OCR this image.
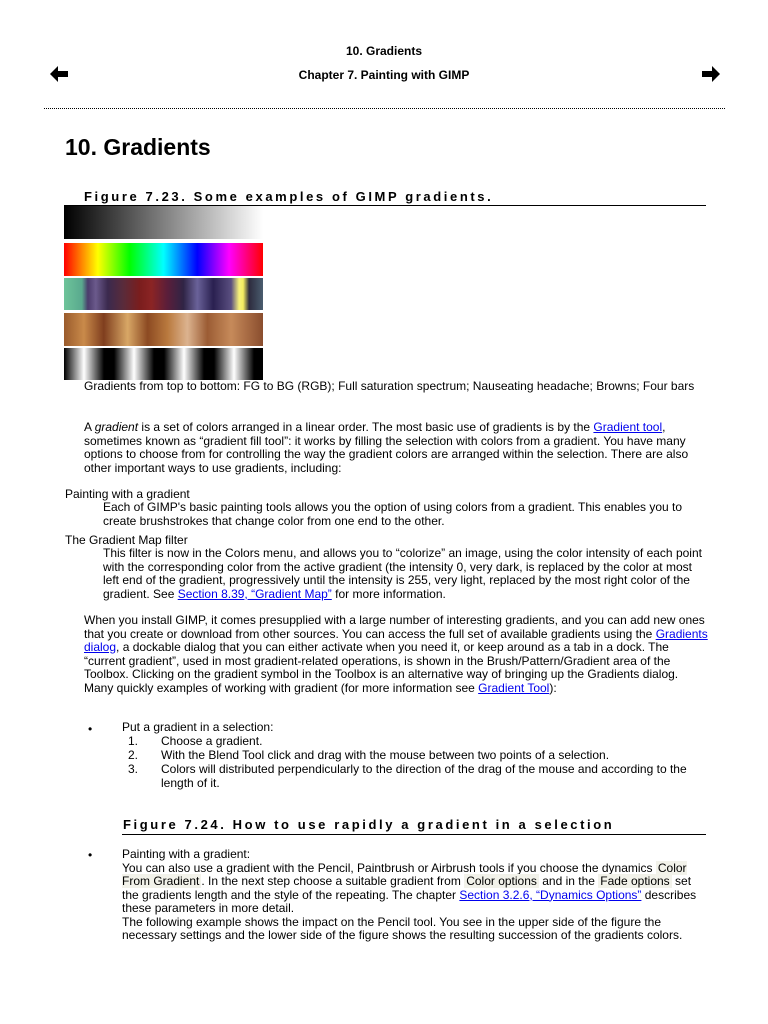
10. Gradients
Chapter 7. Painting with GIMP
10. Gradients
Figure 7.23. Some examples of GIMP gradients.

Gradients from top to bottom: FG to BG (RGB); Full saturation spectrum; Nauseating headache; Browns; Four bars

A gradient is a set of colors arranged in a linear order. The most basic use of gradients is by the Gradient tool, sometimes known as “gradient fill tool”: it works by filling the selection with colors from a gradient. You have many options to choose from for controlling the way the gradient colors are arranged within the selection. There are also other important ways to use gradients, including:

Painting with a gradient

Each of GIMP's basic painting tools allows you the option of using colors from a gradient. This enables you to create brushstrokes that change color from one end to the other.

The Gradient Map filter

This filter is now in the Colors menu, and allows you to “colorize” an image, using the color intensity of each point with the corresponding color from the active gradient (the intensity 0, very dark, is replaced by the color at most left end of the gradient, progressively until the intensity is 255, very light, replaced by the most right color of the gradient. See Section 8.39, “Gradient Map” for more information.

When you install GIMP, it comes presupplied with a large number of interesting gradients, and you can add new ones that you create or download from other sources. You can access the full set of available gradients using the Gradients dialog, a dockable dialog that you can either activate when you need it, or keep around as a tab in a dock. The “current gradient”, used in most gradient-related operations, is shown in the Brush/Pattern/Gradient area of the Toolbox. Clicking on the gradient symbol in the Toolbox is an alternative way of bringing up the Gradients dialog.
Many quickly examples of working with gradient (for more information see Gradient Tool):

• Put a gradient in a selection:
1. Choose a gradient.
2. With the Blend Tool click and drag with the mouse between two points of a selection.
3. Colors will distributed perpendicularly to the direction of the drag of the mouse and according to the length of it.
Figure 7.24. How to use rapidly a gradient in a selection
• Painting with a gradient:
You can also use a gradient with the Pencil, Paintbrush or Airbrush tools if you choose the dynamics Color From Gradient . In the next step choose a suitable gradient from Color options and in the Fade options set the gradients length and the style of the repeating. The chapter Section 3.2.6, “Dynamics Options” describes these parameters in more detail.
The following example shows the impact on the Pencil tool. You see in the upper side of the figure the necessary settings and the lower side of the figure shows the resulting succession of the gradients colors.
